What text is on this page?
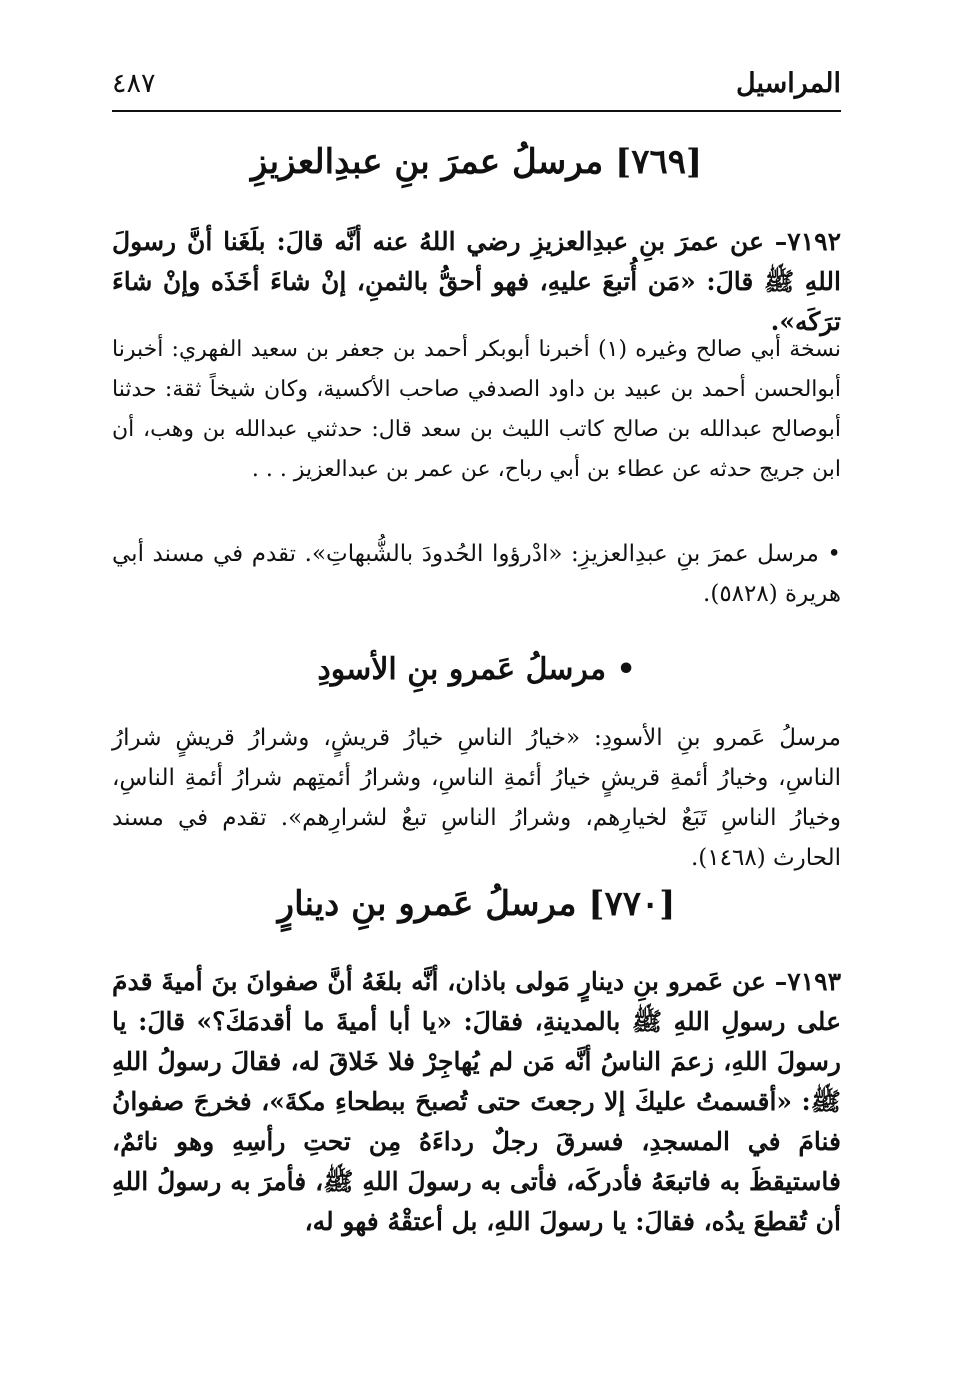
المراسيل
٤٨٧
[٧٦٩] مرسلُ عمرَ بنِ عبدِالعزيزِ
٧١٩٢– عن عمرَ بنِ عبدِالعزيزِ رضي اللهُ عنه أنَّه قالَ: بلَغَنا أنَّ رسولَ اللهِ ﷺ قالَ: «مَن أُتبعَ عليهِ، فهو أحقُّ بالثمنِ، إنْ شاءَ أخَذَه وإنْ شاءَ ترَكَه».
نسخة أبي صالح وغيره (١) أخبرنا أبوبكر أحمد بن جعفر بن سعيد الفهري: أخبرنا أبوالحسن أحمد بن عبيد بن داود الصدفي صاحب الأكسية، وكان شيخاً ثقة: حدثنا أبوصالح عبدالله بن صالح كاتب الليث بن سعد قال: حدثني عبدالله بن وهب، أن ابن جريج حدثه عن عطاء بن أبي رباح، عن عمر بن عبدالعزيز . . .
• مرسل عمرَ بنِ عبدِالعزيزِ: «ادْرؤوا الحُدودَ بالشُّبهاتِ». تقدم في مسند أبي هريرة (٥٨٢٨).
• مرسلُ عَمرو بنِ الأسودِ
مرسلُ عَمرو بنِ الأسودِ: «خيارُ الناسِ خيارُ قريشٍ، وشرارُ قريشٍ شرارُ الناسِ، وخيارُ أئمةِ قريشٍ خيارُ أئمةِ الناسِ، وشرارُ أئمتِهم شرارُ أئمةِ الناسِ، وخيارُ الناسِ تَبَعٌ لخيارِهم، وشرارُ الناسِ تبعٌ لشرارِهم». تقدم في مسند الحارث (١٤٦٨).
[٧٧٠] مرسلُ عَمرو بنِ دينارٍ
٧١٩٣– عن عَمرو بنِ دينارٍ مَولى باذان، أنَّه بلغَهُ أنَّ صفوانَ بنَ أميةَ قدمَ على رسولِ اللهِ ﷺ بالمدينةِ، فقالَ: «يا أبا أميةَ ما أقدمَكَ؟» قالَ: يا رسولَ اللهِ، زعمَ الناسُ أنَّه مَن لم يُهاجِرْ فلا خَلاقَ له، فقالَ رسولُ اللهِ ﷺ: «أقسمتُ عليكَ إلا رجعتَ حتى تُصبحَ ببطحاءِ مكةَ»، فخرجَ صفوانُ فنامَ في المسجدِ، فسرقَ رجلٌ رداءَهُ مِن تحتِ رأسِهِ وهو نائمٌ، فاستيقظَ به فاتبعَهُ فأدركَه، فأتى به رسولَ اللهِ ﷺ، فأمرَ به رسولُ اللهِ أن تُقطعَ يدُه، فقالَ: يا رسولَ اللهِ، بل أعتقْهُ فهو له،
